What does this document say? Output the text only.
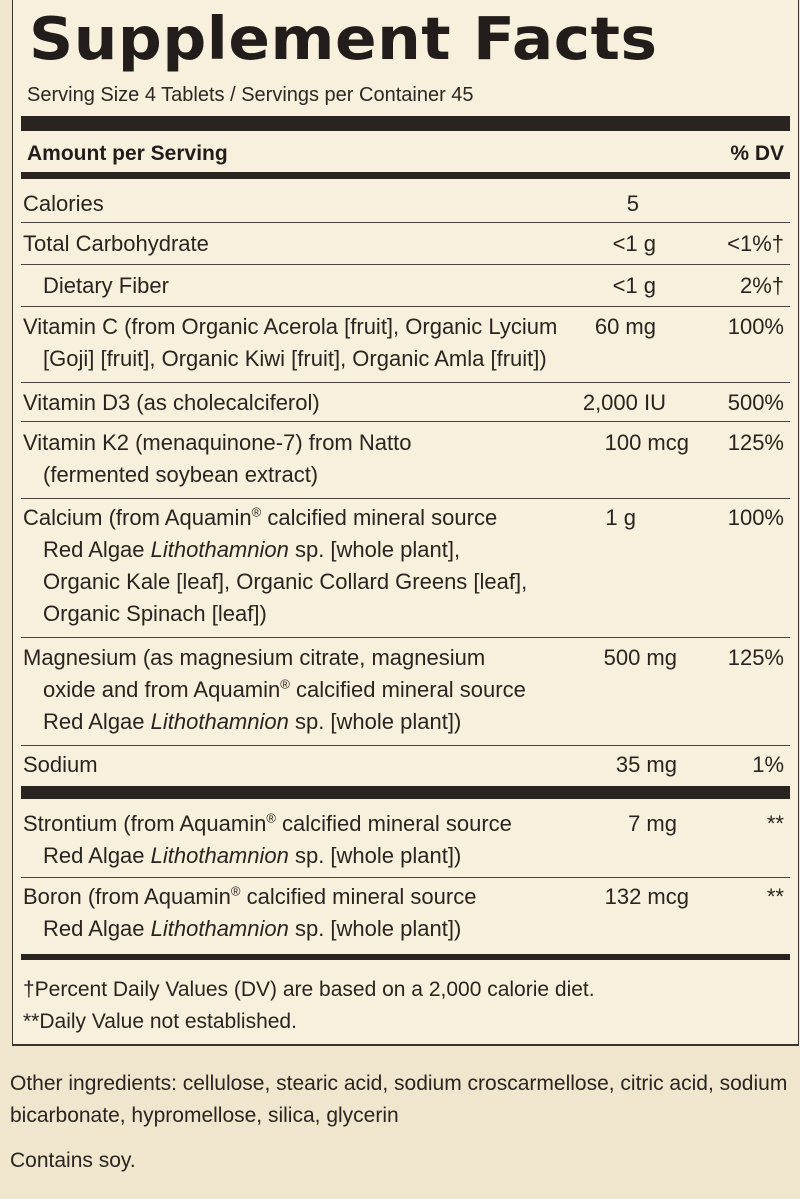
Supplement Facts
Serving Size 4 Tablets / Servings per Container 45
Amount per Serving	% DV
Calories	5
Total Carbohydrate	<1 g	<1%†
Dietary Fiber	<1 g	2%†
Vitamin C (from Organic Acerola [fruit], Organic Lycium
[Goji] [fruit], Organic Kiwi [fruit], Organic Amla [fruit])
60 mg	100%
Vitamin D3 (as cholecalciferol)	2,000 IU	500%
Vitamin K2 (menaquinone-7) from Natto
(fermented soybean extract)
100 mcg 125%
Calcium (from Aquamin® calcified mineral source
Red Algae Lithothamnion sp. [whole plant],
Organic Kale [leaf], Organic Collard Greens [leaf],
Organic Spinach [leaf])
1 g	100%
Magnesium (as magnesium citrate, magnesium
oxide and from Aquamin® calcified mineral source
Red Algae Lithothamnion sp. [whole plant])
500 mg 125%
Sodium	35 mg	1%
Strontium (from Aquamin® calcified mineral source
Red Algae Lithothamnion sp. [whole plant])
7 mg	**
Boron (from Aquamin® calcified mineral source
Red Algae Lithothamnion sp. [whole plant])
132 mcg	**
†Percent Daily Values (DV) are based on a 2,000 calorie diet.
**Daily Value not established.
Other ingredients: cellulose, stearic acid, sodium croscarmellose, citric acid, sodium bicarbonate, hypromellose, silica, glycerin
Contains soy.
